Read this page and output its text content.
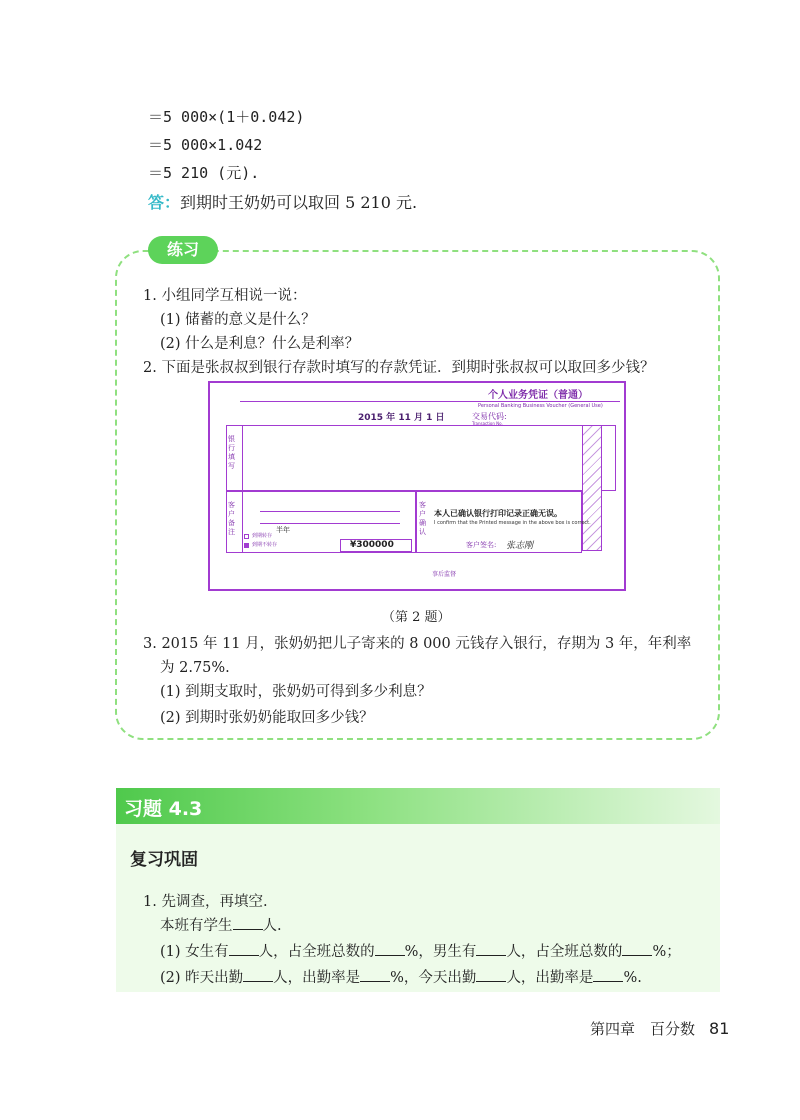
＝5 000×(1＋0.042)
＝5 000×1.042
＝5 210 (元).
答：到期时王奶奶可以取回 5 210 元.
练习
1. 小组同学互相说一说：
(1) 储蓄的意义是什么？
(2) 什么是利息？什么是利率？
2. 下面是张叔叔到银行存款时填写的存款凭证．到期时张叔叔可以取回多少钱？
个人业务凭证（普通）
Personal Banking Business Voucher (General Use)
2015 年 11 月 1 日	交易代码:
Transaction No.
银行填写
客户备注	半年
到期转存
到期不转存	¥300000
客户确认
本人已确认银行打印记录正确无误。
I confirm that the Printed message in the above box is correct.
客户签名: 张志刚
事后监督
（第 2 题）
3. 2015 年 11 月，张奶奶把儿子寄来的 8 000 元钱存入银行，存期为 3 年，年利率
为 2.75%.
(1) 到期支取时，张奶奶可得到多少利息？
(2) 到期时张奶奶能取回多少钱？
习题 4.3
复习巩固
1. 先调查，再填空.
本班有学生 人.
(1) 女生有 人，占全班总数的 %，男生有 人，占全班总数的 %；
(2) 昨天出勤 人，出勤率是 %，今天出勤 人，出勤率是 %.
第四章　百分数 81
